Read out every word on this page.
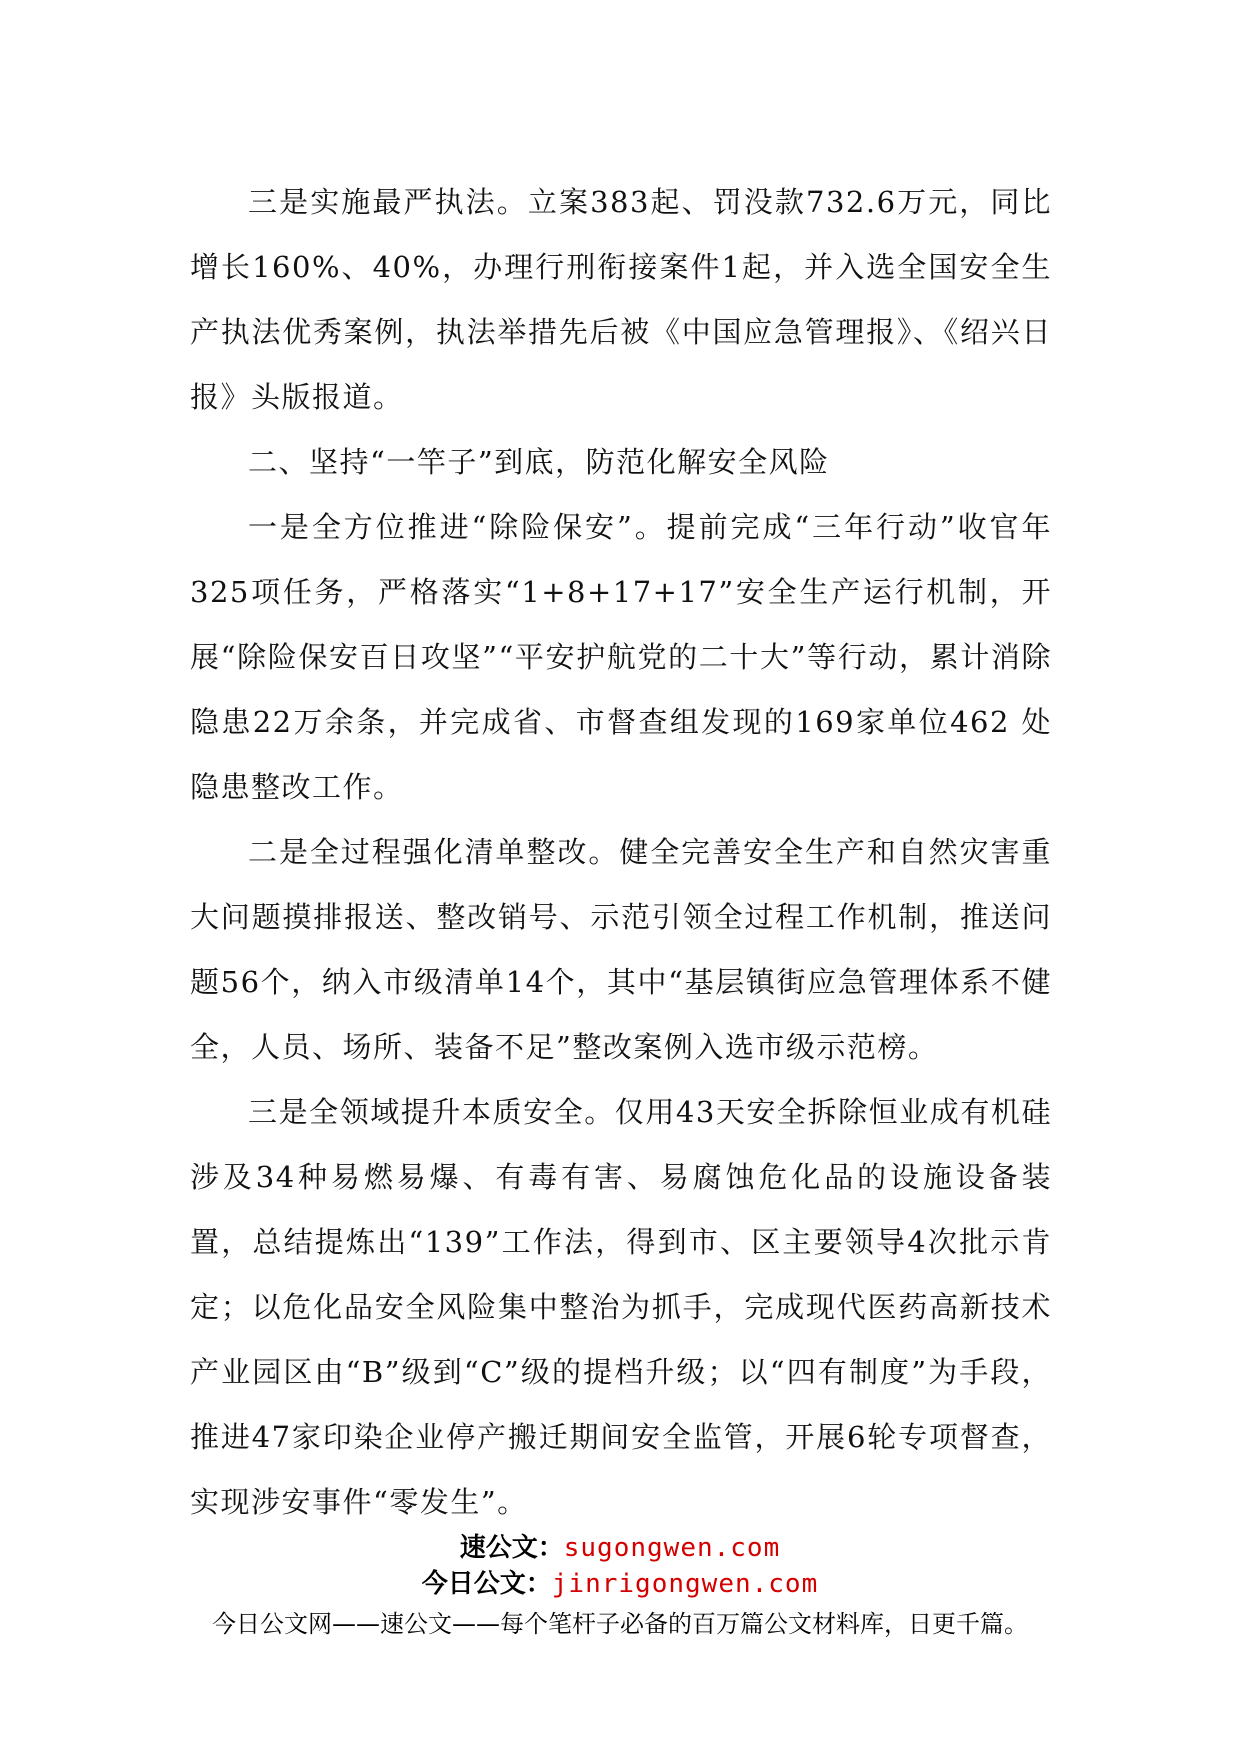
三是实施最严执法。立案383起、罚没款732.6万元，同比增长160%、40%，办理行刑衔接案件1起，并入选全国安全生产执法优秀案例，执法举措先后被《中国应急管理报》、《绍兴日报》头版报道。

二、坚持“一竿子”到底，防范化解安全风险

一是全方位推进“除险保安”。提前完成“三年行动”收官年325项任务，严格落实“1+8+17+17”安全生产运行机制，开展“除险保安百日攻坚”“平安护航党的二十大”等行动，累计消除隐患22万余条，并完成省、市督查组发现的169家单位462 处隐患整改工作。

二是全过程强化清单整改。健全完善安全生产和自然灾害重大问题摸排报送、整改销号、示范引领全过程工作机制，推送问题56个，纳入市级清单14个，其中“基层镇街应急管理体系不健全，人员、场所、装备不足”整改案例入选市级示范榜。

三是全领域提升本质安全。仅用43天安全拆除恒业成有机硅涉及34种易燃易爆、有毒有害、易腐蚀危化品的设施设备装置，总结提炼出“139”工作法，得到市、区主要领导4次批示肯定；以危化品安全风险集中整治为抓手，完成现代医药高新技术产业园区由“B”级到“C”级的提档升级；以“四有制度”为手段，推进47家印染企业停产搬迁期间安全监管，开展6轮专项督查，实现涉安事件“零发生”。

速公文：sugongwen.com
今日公文：jinrigongwen.com
今日公文网——速公文——每个笔杆子必备的百万篇公文材料库，日更千篇。
